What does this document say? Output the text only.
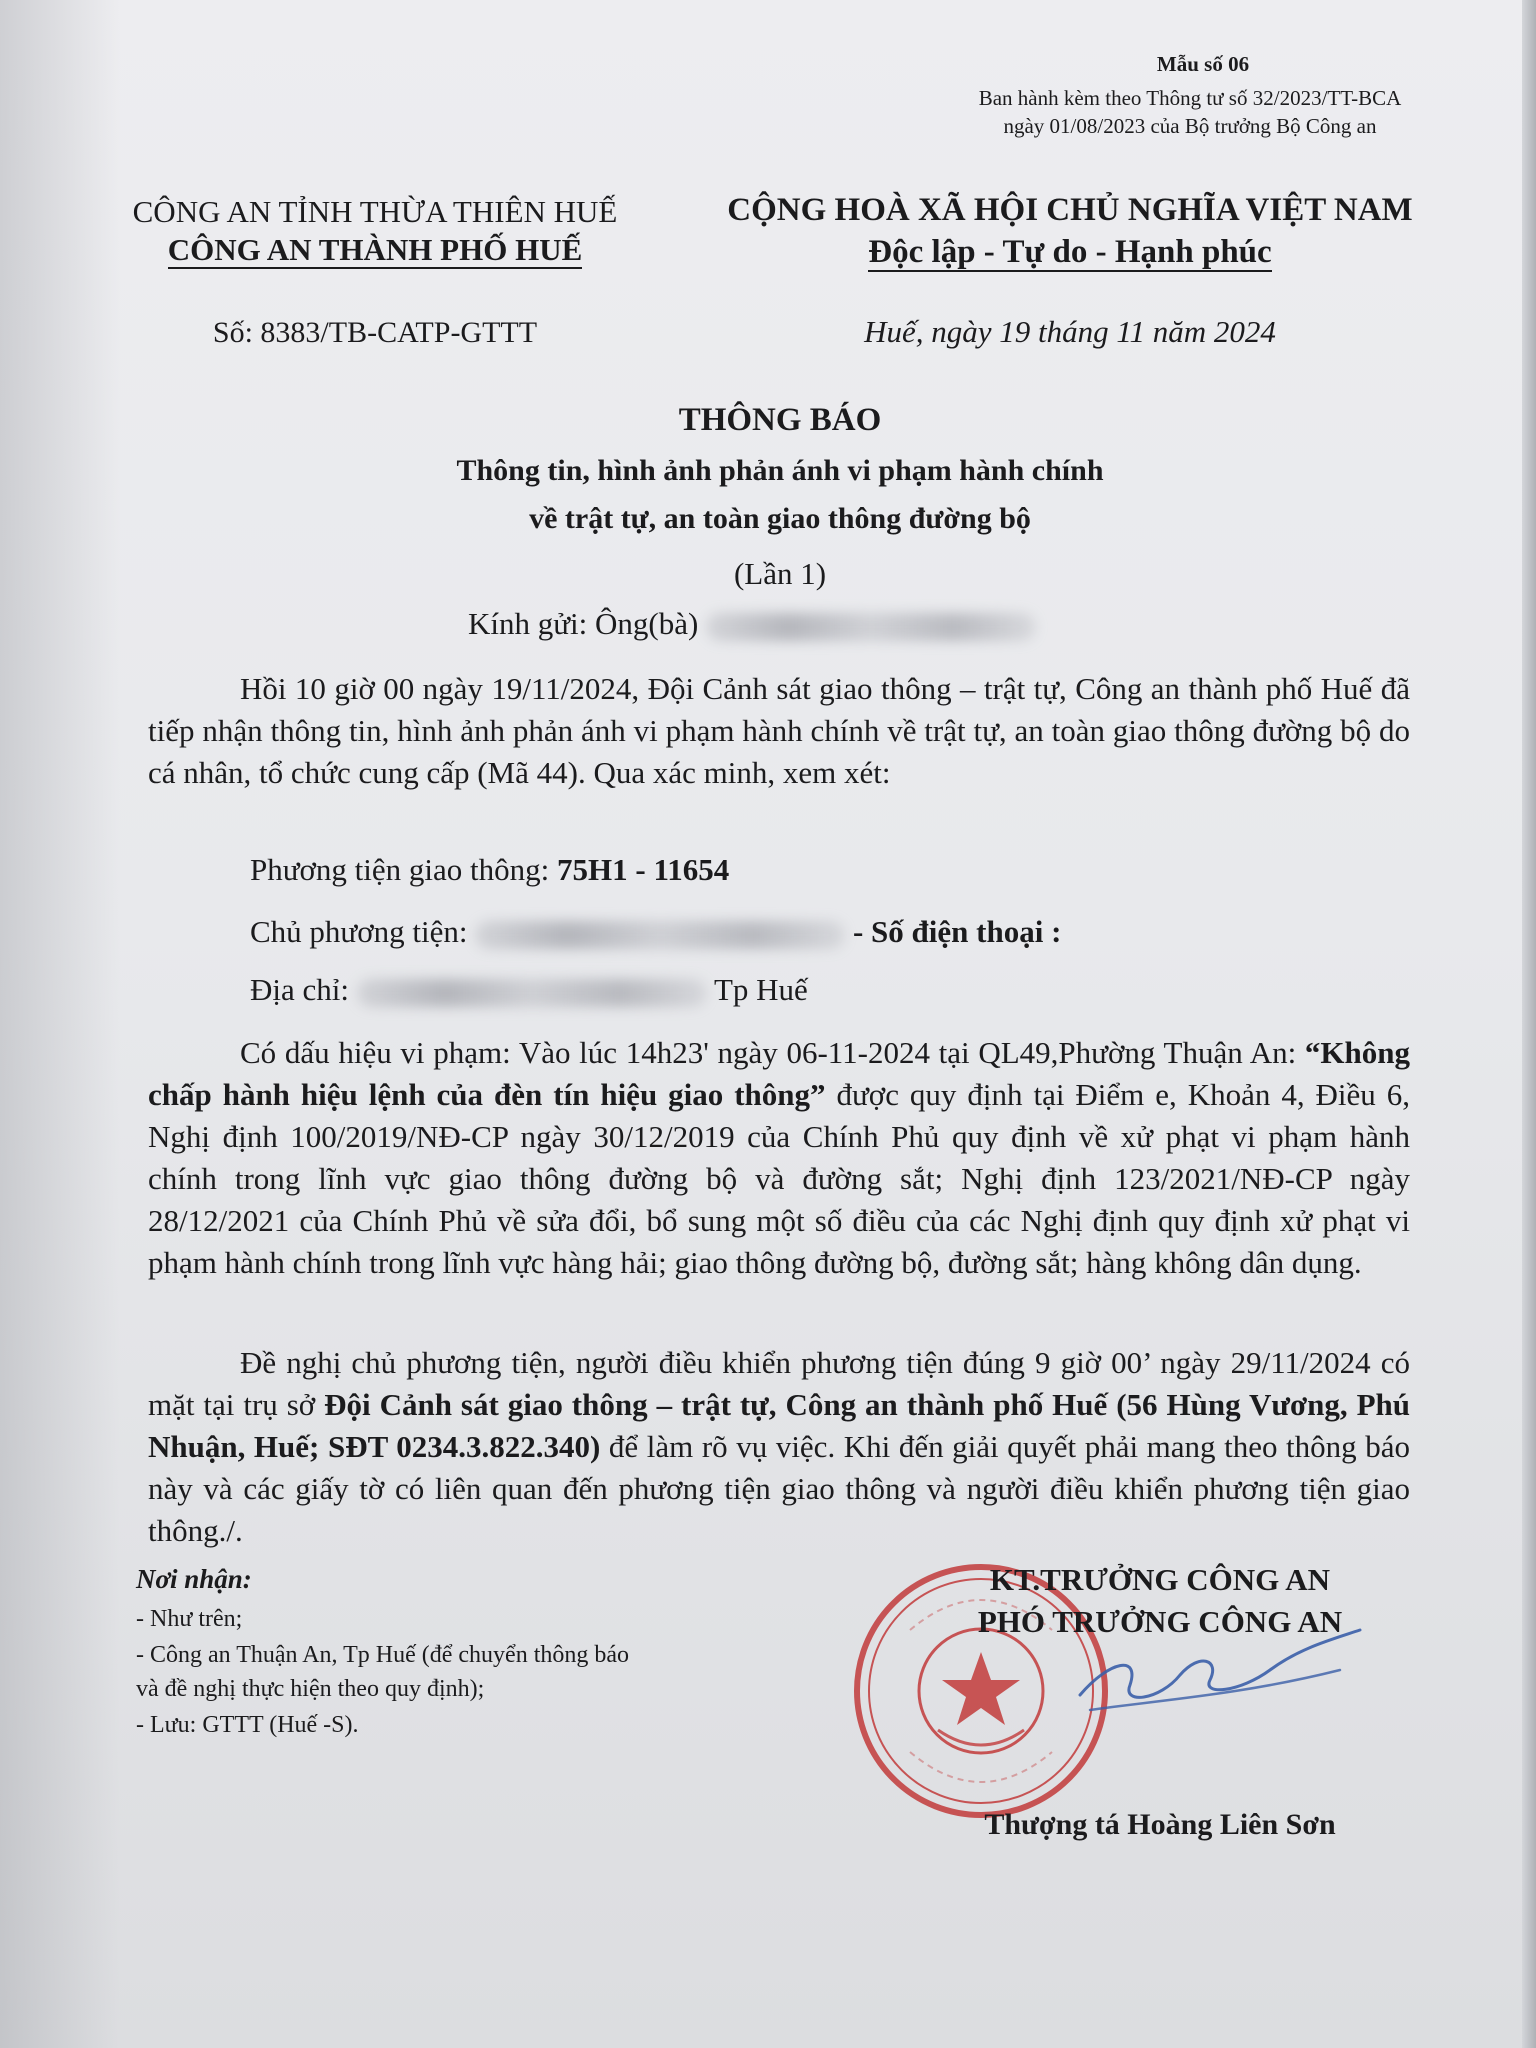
Mẫu số 06
Ban hành kèm theo Thông tư số 32/2023/TT-BCA
ngày 01/08/2023 của Bộ trưởng Bộ Công an
CÔNG AN TỈNH THỪA THIÊN HUẾ
CÔNG AN THÀNH PHỐ HUẾ
Số: 8383/TB-CATP-GTTT
CỘNG HOÀ XÃ HỘI CHỦ NGHĨA VIỆT NAM
Độc lập - Tự do - Hạnh phúc
Huế, ngày 19 tháng 11 năm 2024
THÔNG BÁO
Thông tin, hình ảnh phản ánh vi phạm hành chính
về trật tự, an toàn giao thông đường bộ
(Lần 1)
Kính gửi: Ông(bà)
Hồi 10 giờ 00 ngày 19/11/2024, Đội Cảnh sát giao thông – trật tự, Công an thành phố Huế đã tiếp nhận thông tin, hình ảnh phản ánh vi phạm hành chính về trật tự, an toàn giao thông đường bộ do cá nhân, tổ chức cung cấp (Mã 44). Qua xác minh, xem xét:
Phương tiện giao thông: 75H1 - 11654
Chủ phương tiện:	- Số điện thoại :
Địa chỉ:	Tp Huế
Có dấu hiệu vi phạm: Vào lúc 14h23' ngày 06-11-2024 tại QL49,Phường Thuận An: “Không chấp hành hiệu lệnh của đèn tín hiệu giao thông” được quy định tại Điểm e, Khoản 4, Điều 6, Nghị định 100/2019/NĐ-CP ngày 30/12/2019 của Chính Phủ quy định về xử phạt vi phạm hành chính trong lĩnh vực giao thông đường bộ và đường sắt; Nghị định 123/2021/NĐ-CP ngày 28/12/2021 của Chính Phủ về sửa đổi, bổ sung một số điều của các Nghị định quy định xử phạt vi phạm hành chính trong lĩnh vực hàng hải; giao thông đường bộ, đường sắt; hàng không dân dụng.
Đề nghị chủ phương tiện, người điều khiển phương tiện đúng 9 giờ 00’ ngày 29/11/2024 có mặt tại trụ sở Đội Cảnh sát giao thông – trật tự, Công an thành phố Huế (56 Hùng Vương, Phú Nhuận, Huế; SĐT 0234.3.822.340) để làm rõ vụ việc. Khi đến giải quyết phải mang theo thông báo này và các giấy tờ có liên quan đến phương tiện giao thông và người điều khiển phương tiện giao thông./.
Nơi nhận:
- Như trên;
- Công an Thuận An, Tp Huế (để chuyển thông báo
và đề nghị thực hiện theo quy định);
- Lưu: GTTT (Huế -S).
KT.TRƯỞNG CÔNG AN
PHÓ TRƯỞNG CÔNG AN
Thượng tá Hoàng Liên Sơn
